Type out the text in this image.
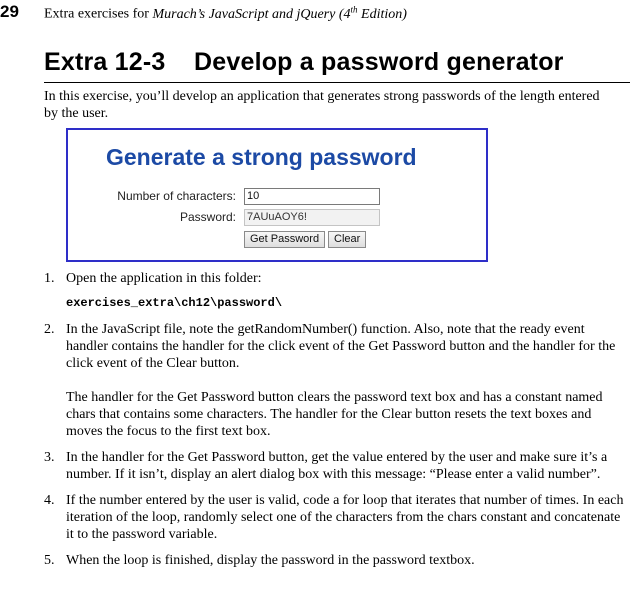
29 Extra exercises for Murach’s JavaScript and jQuery (4th Edition)
Extra 12-3 Develop a password generator
In this exercise, you’ll develop an application that generates strong passwords of the length entered by the user.
Generate a strong password
Number of characters: 10
Password: 7AUuAOY6!
Get Password	Clear
1. Open the application in this folder:

exercises_extra\ch12\password\
2. In the JavaScript file, note the getRandomNumber() function. Also, note that the ready event handler contains the handler for the click event of the Get Password button and the handler for the click event of the Clear button.

The handler for the Get Password button clears the password text box and has a constant named chars that contains some characters. The handler for the Clear button resets the text boxes and moves the focus to the first text box.

3. In the handler for the Get Password button, get the value entered by the user and make sure it’s a number. If it isn’t, display an alert dialog box with this message: “Please enter a valid number”.

4. If the number entered by the user is valid, code a for loop that iterates that number of times. In each iteration of the loop, randomly select one of the characters from the chars constant and concatenate it to the password variable.

5. When the loop is finished, display the password in the password textbox.
